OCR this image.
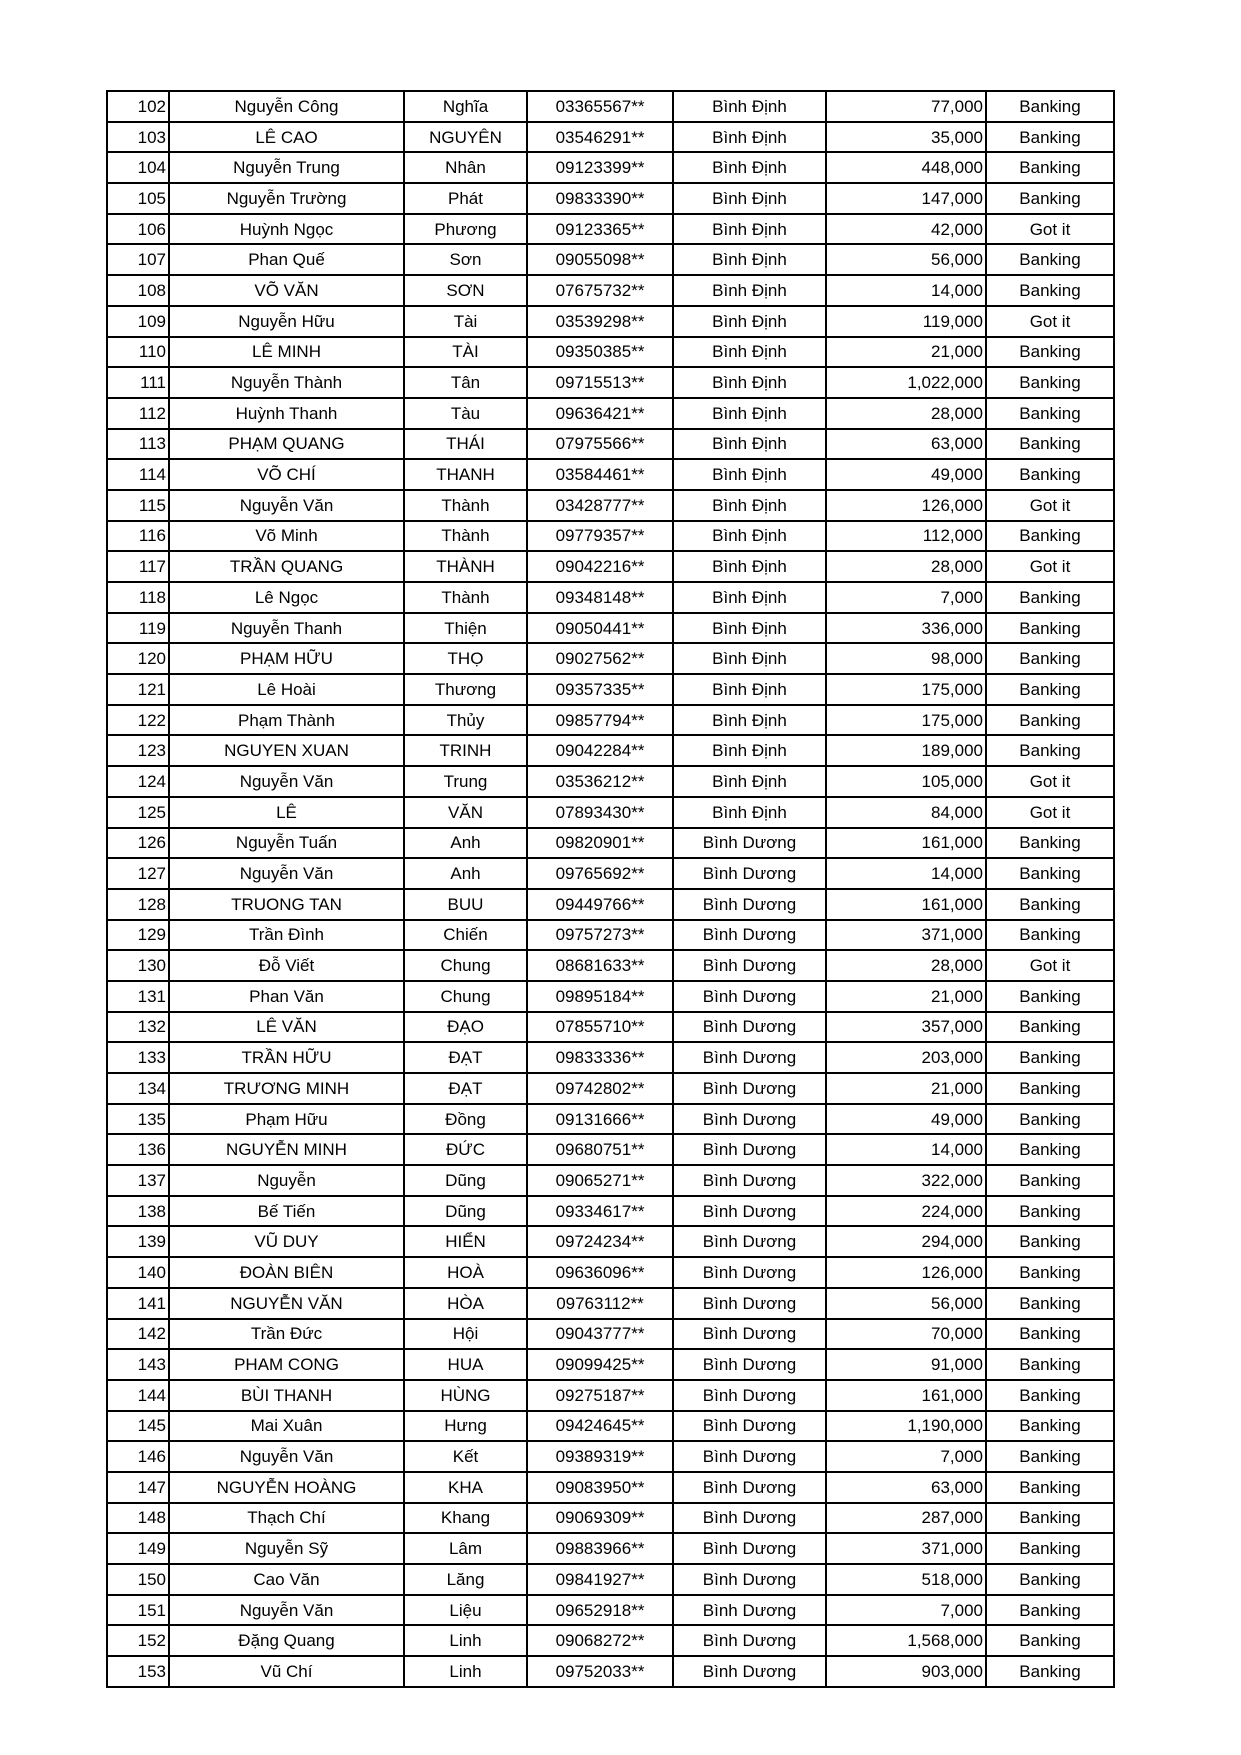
102	Nguyễn Công	Nghĩa	03365567**	Bình Định	77,000	Banking
103	LÊ CAO	NGUYÊN	03546291**	Bình Định	35,000	Banking
104	Nguyễn Trung	Nhân	09123399**	Bình Định	448,000	Banking
105	Nguyễn Trường	Phát	09833390**	Bình Định	147,000	Banking
106	Huỳnh Ngọc	Phương	09123365**	Bình Định	42,000	Got it
107	Phan Quế	Sơn	09055098**	Bình Định	56,000	Banking
108	VÕ VĂN	SƠN	07675732**	Bình Định	14,000	Banking
109	Nguyễn Hữu	Tài	03539298**	Bình Định	119,000	Got it
110	LÊ MINH	TÀI	09350385**	Bình Định	21,000	Banking
111	Nguyễn Thành	Tân	09715513**	Bình Định	1,022,000	Banking
112	Huỳnh Thanh	Tàu	09636421**	Bình Định	28,000	Banking
113	PHẠM QUANG	THÁI	07975566**	Bình Định	63,000	Banking
114	VÕ CHÍ	THANH	03584461**	Bình Định	49,000	Banking
115	Nguyễn Văn	Thành	03428777**	Bình Định	126,000	Got it
116	Võ Minh	Thành	09779357**	Bình Định	112,000	Banking
117	TRẦN QUANG	THÀNH	09042216**	Bình Định	28,000	Got it
118	Lê Ngọc	Thành	09348148**	Bình Định	7,000	Banking
119	Nguyễn Thanh	Thiện	09050441**	Bình Định	336,000	Banking
120	PHẠM HỮU	THỌ	09027562**	Bình Định	98,000	Banking
121	Lê Hoài	Thương	09357335**	Bình Định	175,000	Banking
122	Phạm Thành	Thủy	09857794**	Bình Định	175,000	Banking
123	NGUYEN XUAN	TRINH	09042284**	Bình Định	189,000	Banking
124	Nguyễn Văn	Trung	03536212**	Bình Định	105,000	Got it
125	LÊ	VĂN	07893430**	Bình Định	84,000	Got it
126	Nguyễn Tuấn	Anh	09820901**	Bình Dương	161,000	Banking
127	Nguyễn Văn	Anh	09765692**	Bình Dương	14,000	Banking
128	TRUONG TAN	BUU	09449766**	Bình Dương	161,000	Banking
129	Trần Đình	Chiến	09757273**	Bình Dương	371,000	Banking
130	Đỗ Viết	Chung	08681633**	Bình Dương	28,000	Got it
131	Phan Văn	Chung	09895184**	Bình Dương	21,000	Banking
132	LÊ VĂN	ĐẠO	07855710**	Bình Dương	357,000	Banking
133	TRẦN HỮU	ĐẠT	09833336**	Bình Dương	203,000	Banking
134	TRƯƠNG MINH	ĐẠT	09742802**	Bình Dương	21,000	Banking
135	Phạm Hữu	Đồng	09131666**	Bình Dương	49,000	Banking
136	NGUYỄN MINH	ĐỨC	09680751**	Bình Dương	14,000	Banking
137	Nguyễn	Dũng	09065271**	Bình Dương	322,000	Banking
138	Bế Tiến	Dũng	09334617**	Bình Dương	224,000	Banking
139	VŨ DUY	HIỂN	09724234**	Bình Dương	294,000	Banking
140	ĐOÀN BIÊN	HOÀ	09636096**	Bình Dương	126,000	Banking
141	NGUYỄN VĂN	HÒA	09763112**	Bình Dương	56,000	Banking
142	Trần Đức	Hội	09043777**	Bình Dương	70,000	Banking
143	PHAM CONG	HUA	09099425**	Bình Dương	91,000	Banking
144	BÙI THANH	HÙNG	09275187**	Bình Dương	161,000	Banking
145	Mai Xuân	Hưng	09424645**	Bình Dương	1,190,000	Banking
146	Nguyễn Văn	Kết	09389319**	Bình Dương	7,000	Banking
147	NGUYỄN HOÀNG	KHA	09083950**	Bình Dương	63,000	Banking
148	Thạch Chí	Khang	09069309**	Bình Dương	287,000	Banking
149	Nguyễn Sỹ	Lâm	09883966**	Bình Dương	371,000	Banking
150	Cao Văn	Lăng	09841927**	Bình Dương	518,000	Banking
151	Nguyễn Văn	Liệu	09652918**	Bình Dương	7,000	Banking
152	Đặng Quang	Linh	09068272**	Bình Dương	1,568,000	Banking
153	Vũ Chí	Linh	09752033**	Bình Dương	903,000	Banking
